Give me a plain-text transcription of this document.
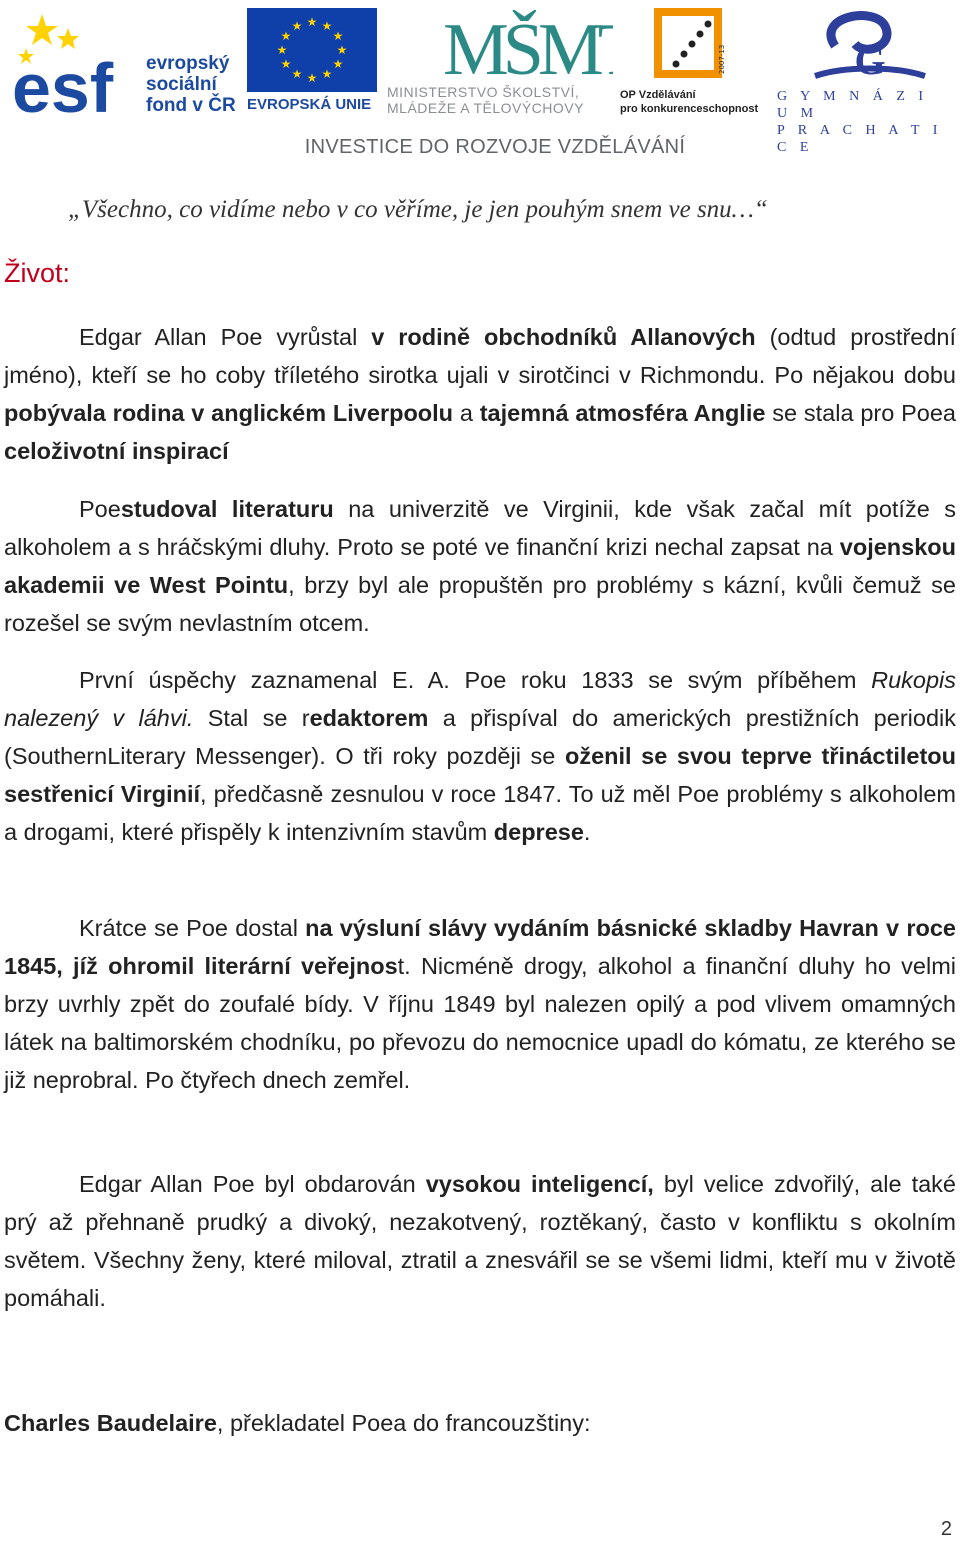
esf evropský
sociální
fond v ČR
★ ★
★
★
★
★
★
★
★
★
★
★
EVROPSKÁ UNIE
MŠM
MINISTERSTVO ŠKOLSTVÍ,
MLÁDEŽE A TĚLOVÝCHOVY
2007-13
OP Vzdělávání
pro konkurenceschopnost
G
G Y M N Á Z I U M
P R A C H A T I C E
INVESTICE DO ROZVOJE VZDĚLÁVÁNÍ
„Všechno, co vidíme nebo v co věříme, je jen pouhým snem ve snu…“
Život:

Edgar Allan Poe vyrůstal v rodině obchodníků Allanových (odtud prostřední jméno), kteří se ho coby tříletého sirotka ujali v sirotčinci v Richmondu. Po nějakou dobu pobývala rodina v anglickém Liverpoolu a tajemná atmosféra Anglie se stala pro Poea celoživotní inspirací

Poestudoval literaturu na univerzitě ve Virginii, kde však začal mít potíže s alkoholem a s hráčskými dluhy. Proto se poté ve finanční krizi nechal zapsat na vojenskou akademii ve West Pointu, brzy byl ale propuštěn pro problémy s kázní, kvůli čemuž se rozešel se svým nevlastním otcem.

První úspěchy zaznamenal E. A. Poe roku 1833 se svým příběhem Rukopis nalezený v láhvi. Stal se redaktorem a přispíval do amerických prestižních periodik (SouthernLiterary Messenger). O tři roky později se oženil se svou teprve třináctiletou sestřenicí Virginií, předčasně zesnulou v roce 1847. To už měl Poe problémy s alkoholem a drogami, které přispěly k intenzivním stavům deprese.

Krátce se Poe dostal na výsluní slávy vydáním básnické skladby Havran v roce 1845, jíž ohromil literární veřejnost. Nicméně drogy, alkohol a finanční dluhy ho velmi brzy uvrhly zpět do zoufalé bídy. V říjnu 1849 byl nalezen opilý a pod vlivem omamných látek na baltimorském chodníku, po převozu do nemocnice upadl do kómatu, ze kterého se již neprobral. Po čtyřech dnech zemřel.

Edgar Allan Poe byl obdarován vysokou inteligencí, byl velice zdvořilý, ale také prý až přehnaně prudký a divoký, nezakotvený, roztěkaný, často v konfliktu s okolním světem. Všechny ženy, které miloval, ztratil a znesvářil se se všemi lidmi, kteří mu v životě pomáhali.

Charles Baudelaire, překladatel Poea do francouzštiny:

2
